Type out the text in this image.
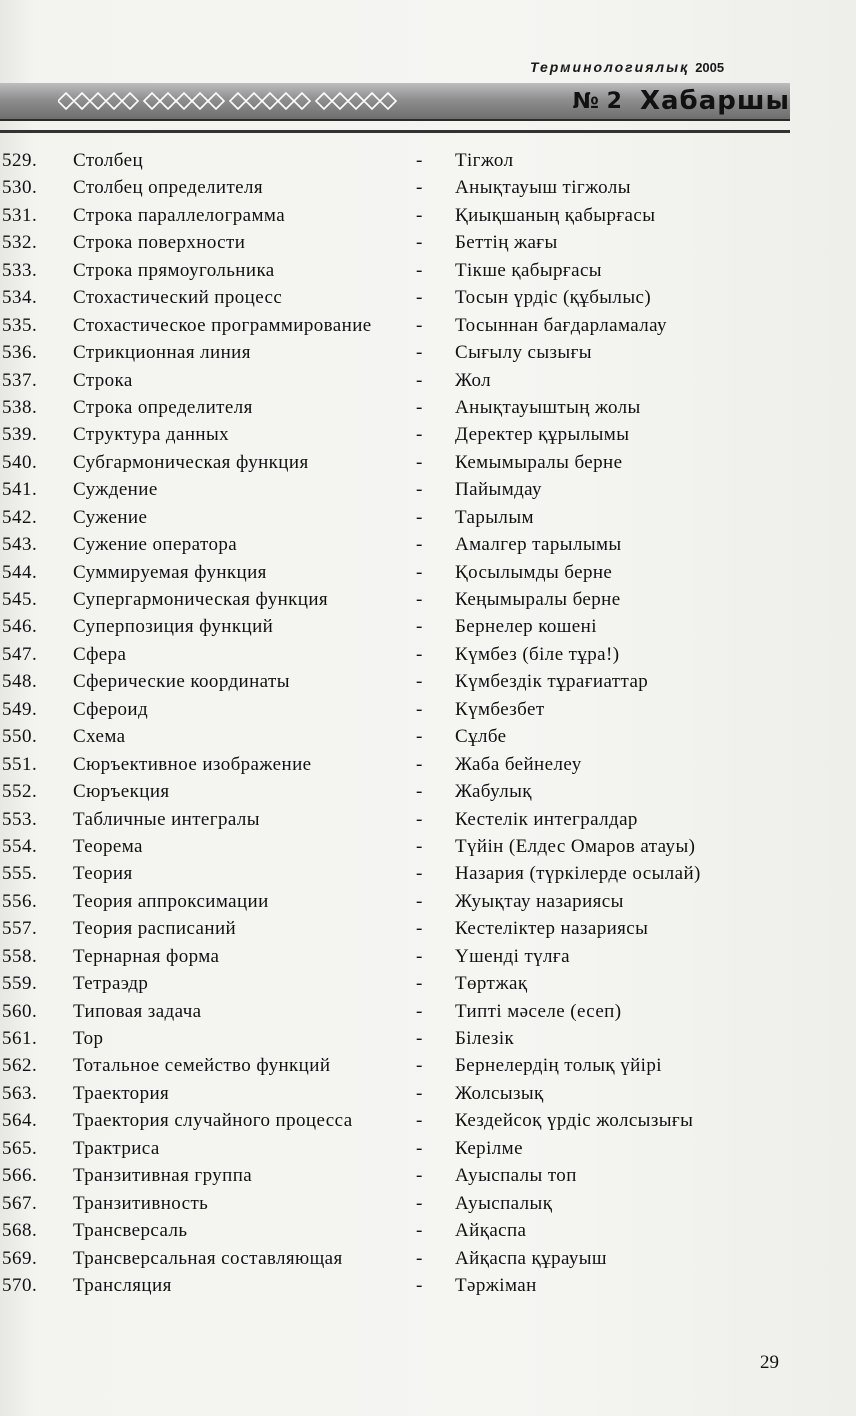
Терминологиялық 2005
№ 2 Хабаршы
529. Столбец	- Тігжол
530. Столбец определителя	- Анықтауыш тігжолы
531. Строка параллелограмма	- Қиықшаның қабырғасы
532. Строка поверхности	- Беттің жағы
533. Строка прямоугольника	- Тікше қабырғасы
534. Стохастический процесс	- Тосын үрдіс (құбылыс)
535. Стохастическое программирование - Тосыннан бағдарламалау
536. Стрикционная линия	- Сығылу сызығы
537. Строка	- Жол
538. Строка определителя	- Анықтауыштың жолы
539. Структура данных	- Деректер құрылымы
540. Субгармоническая функция	- Кемымыралы берне
541. Суждение	- Пайымдау
542. Сужение	- Тарылым
543. Сужение оператора	- Амалгер тарылымы
544. Суммируемая функция	- Қосылымды берне
545. Супергармоническая функция	- Кеңымыралы берне
546. Суперпозиция функций	- Бернелер кошені
547. Сфера	- Күмбез (біле тұра!)
548. Сферические координаты	- Күмбездік тұрағиаттар
549. Сфероид	- Күмбезбет
550. Схема	- Сұлбе
551. Сюръективное изображение	- Жаба бейнелеу
552. Сюръекция	- Жабулық
553. Табличные интегралы	- Кестелік интегралдар
554. Теорема	- Түйін (Елдес Омаров атауы)
555. Теория	- Назария (түркілерде осылай)
556. Теория аппроксимации	- Жуықтау назариясы
557. Теория расписаний	- Кестеліктер назариясы
558. Тернарная форма	- Үшенді түлға
559. Тетраэдр	- Төртжақ
560. Типовая задача	- Типті мәселе (есеп)
561. Тор	- Білезік
562. Тотальное семейство функций	- Бернелердің толық үйірі
563. Траектория	- Жолсызық
564. Траектория случайного процесса	- Кездейсоқ үрдіс жолсызығы
565. Трактриса	- Керілме
566. Транзитивная группа	- Ауыспалы топ
567. Транзитивность	- Ауыспалық
568. Трансверсаль	- Айқаспа
569. Трансверсальная составляющая	- Айқаспа құрауыш
570. Трансляция	- Тәржіман
29
